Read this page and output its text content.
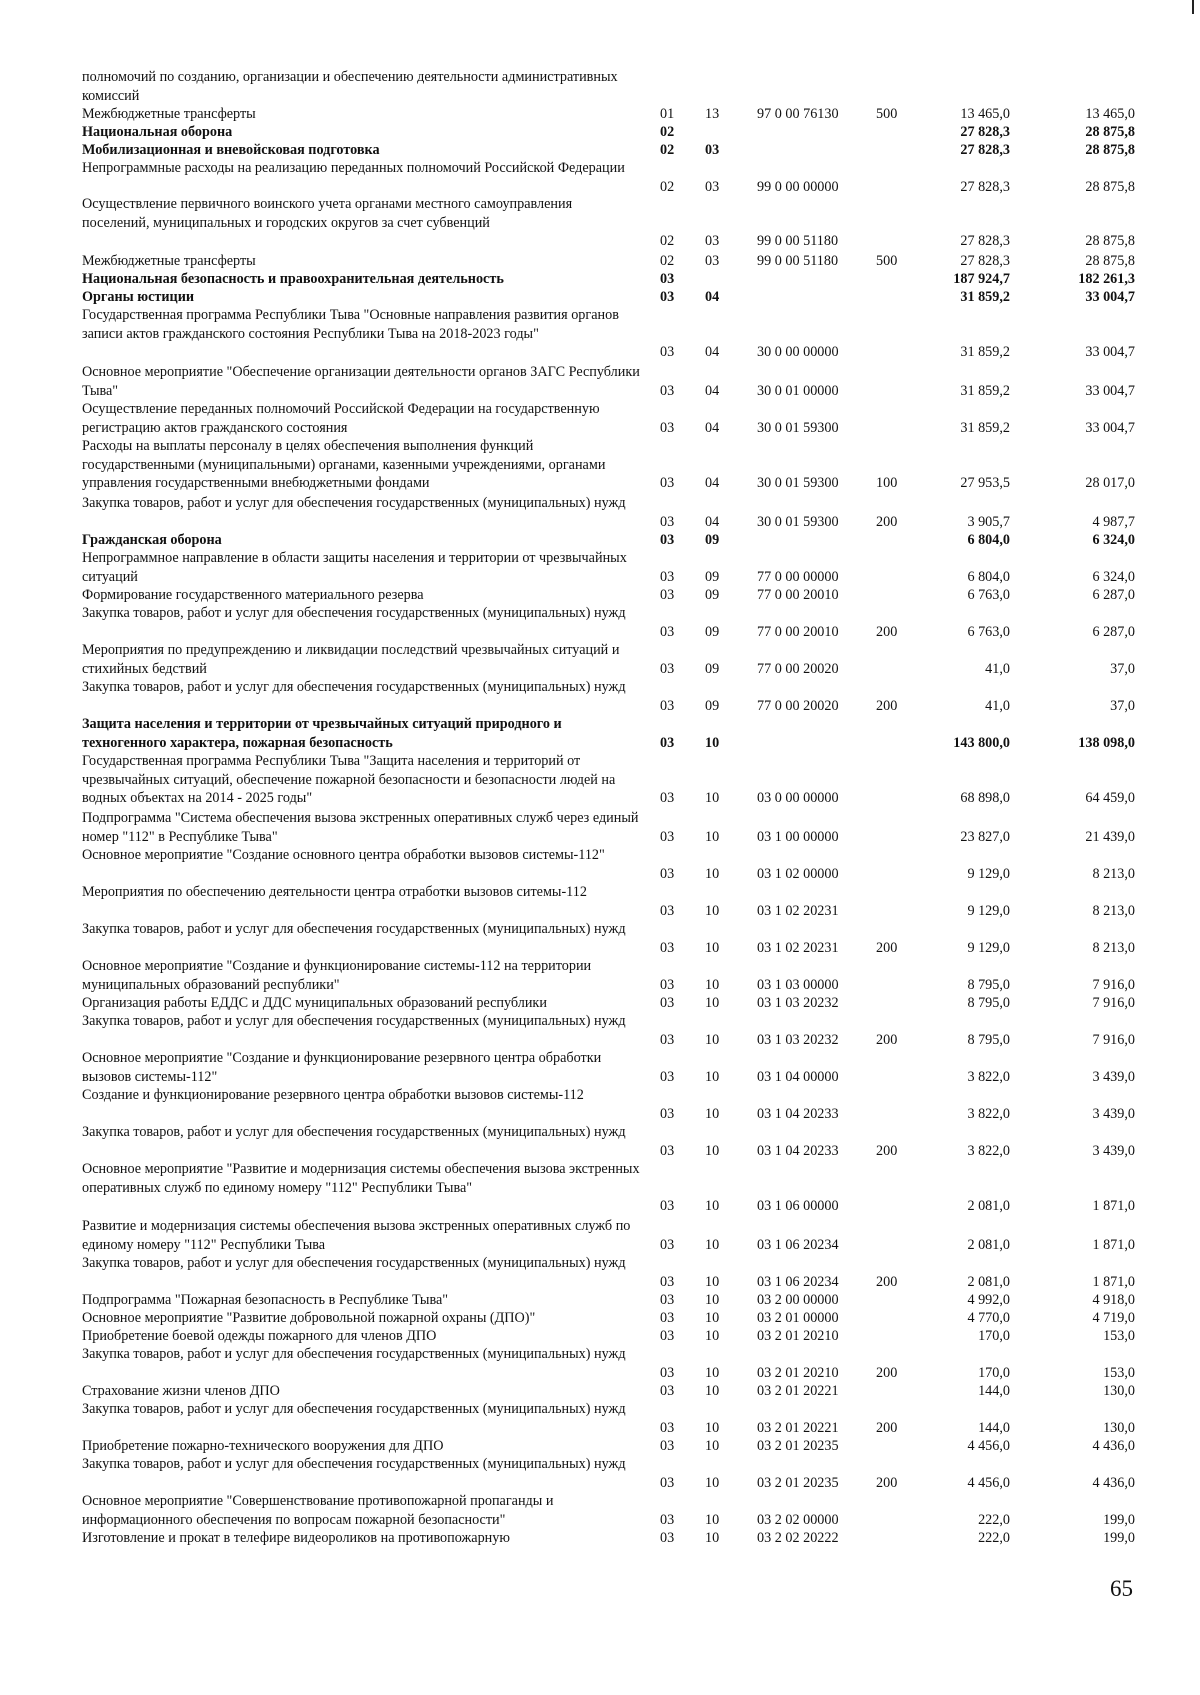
полномочий по созданию, организации и обеспечению деятельности административных комиссий
Межбюджетные трансферты	01 13	97 0 00 76130	500	13 465,0	13 465,0
Национальная оборона	02	27 828,3	28 875,8
Мобилизационная и вневойсковая подготовка	02 03	27 828,3	28 875,8
Непрограммные расходы на реализацию переданных полномочий Российской Федерации
02 03	99 0 00 00000	27 828,3	28 875,8
Осуществление первичного воинского учета органами местного самоуправления поселений, муниципальных и городских округов за счет субвенций
02 03	99 0 00 51180	27 828,3	28 875,8
Межбюджетные трансферты	02 03	99 0 00 51180	500	27 828,3	28 875,8
Национальная безопасность и правоохранительная деятельность	03	187 924,7	182 261,3
Органы юстиции	03 04	31 859,2	33 004,7
Государственная программа Республики Тыва "Основные направления развития органов записи актов гражданского состояния Республики Тыва на 2018-2023 годы"
03 04	30 0 00 00000	31 859,2	33 004,7
Основное мероприятие "Обеспечение организации деятельности органов ЗАГС Республики Тыва"	03 04	30 0 01 00000	31 859,2	33 004,7
Осуществление переданных полномочий Российской Федерации на государственную регистрацию актов гражданского состояния	03 04	30 0 01 59300	31 859,2	33 004,7
Расходы на выплаты персоналу в целях обеспечения выполнения функций государственными (муниципальными) органами, казенными учреждениями, органами управления государственными внебюджетными фондами	03 04	30 0 01 59300	100	27 953,5	28 017,0
Закупка товаров, работ и услуг для обеспечения государственных (муниципальных) нужд
03 04	30 0 01 59300	200	3 905,7	4 987,7
Гражданская оборона	03 09	6 804,0	6 324,0
Непрограммное направление в области защиты населения и территории от чрезвычайных ситуаций	03 09	77 0 00 00000	6 804,0	6 324,0
Формирование государственного материального резерва	03 09	77 0 00 20010	6 763,0	6 287,0
Закупка товаров, работ и услуг для обеспечения государственных (муниципальных) нужд
03 09	77 0 00 20010	200	6 763,0	6 287,0
Мероприятия по предупреждению и ликвидации последствий чрезвычайных ситуаций и стихийных бедствий	03 09	77 0 00 20020	41,0	37,0
Закупка товаров, работ и услуг для обеспечения государственных (муниципальных) нужд
03 09	77 0 00 20020	200	41,0	37,0
Защита населения и территории от чрезвычайных ситуаций природного и техногенного характера, пожарная безопасность	03 10	143 800,0	138 098,0
Государственная программа Республики Тыва "Защита населения и территорий от чрезвычайных ситуаций, обеспечение пожарной безопасности и безопасности людей на водных объектах на 2014 - 2025 годы"	03 10	03 0 00 00000	68 898,0	64 459,0
Подпрограмма "Система обеспечения вызова экстренных оперативных служб через единый номер "112" в Республике Тыва"	03 10	03 1 00 00000	23 827,0	21 439,0
Основное мероприятие "Создание основного центра обработки вызовов системы-112"
03 10	03 1 02 00000	9 129,0	8 213,0
Мероприятия по обеспечению деятельности центра отработки вызовов ситемы-112
03 10	03 1 02 20231	9 129,0	8 213,0
Закупка товаров, работ и услуг для обеспечения государственных (муниципальных) нужд
03 10	03 1 02 20231	200	9 129,0	8 213,0
Основное мероприятие "Создание и функционирование системы-112 на территории муниципальных образований республики"	03 10	03 1 03 00000	8 795,0	7 916,0
Организация работы ЕДДС и ДДС муниципальных образований республики	03 10	03 1 03 20232	8 795,0	7 916,0
Закупка товаров, работ и услуг для обеспечения государственных (муниципальных) нужд
03 10	03 1 03 20232	200	8 795,0	7 916,0
Основное мероприятие "Создание и функционирование резервного центра обработки вызовов системы-112"	03 10	03 1 04 00000	3 822,0	3 439,0
Создание и функционирование резервного центра обработки вызовов системы-112
03 10	03 1 04 20233	3 822,0	3 439,0
Закупка товаров, работ и услуг для обеспечения государственных (муниципальных) нужд
03 10	03 1 04 20233	200	3 822,0	3 439,0
Основное мероприятие "Развитие и модернизация системы обеспечения вызова экстренных оперативных служб по единому номеру "112" Республики Тыва"
03 10	03 1 06 00000	2 081,0	1 871,0
Развитие и модернизация системы обеспечения вызова экстренных оперативных служб по единому номеру "112" Республики Тыва	03 10	03 1 06 20234	2 081,0	1 871,0
Закупка товаров, работ и услуг для обеспечения государственных (муниципальных) нужд
03 10	03 1 06 20234	200	2 081,0	1 871,0
Подпрограмма "Пожарная безопасность в Республике Тыва"	03 10	03 2 00 00000	4 992,0	4 918,0
Основное мероприятие "Развитие добровольной пожарной охраны (ДПО)"	03 10	03 2 01 00000	4 770,0	4 719,0
Приобретение боевой одежды пожарного для членов ДПО	03 10	03 2 01 20210	170,0	153,0
Закупка товаров, работ и услуг для обеспечения государственных (муниципальных) нужд
03 10	03 2 01 20210	200	170,0	153,0
Страхование жизни членов ДПО	03 10	03 2 01 20221	144,0	130,0
Закупка товаров, работ и услуг для обеспечения государственных (муниципальных) нужд
03 10	03 2 01 20221	200	144,0	130,0
Приобретение пожарно-технического вооружения для ДПО	03 10	03 2 01 20235	4 456,0	4 436,0
Закупка товаров, работ и услуг для обеспечения государственных (муниципальных) нужд
03 10	03 2 01 20235	200	4 456,0	4 436,0
Основное мероприятие "Совершенствование противопожарной пропаганды и информационного обеспечения по вопросам пожарной безопасности"	03 10	03 2 02 00000	222,0	199,0
Изготовление и прокат в телефире видеороликов на противопожарную	03 10	03 2 02 20222	222,0	199,0
65
